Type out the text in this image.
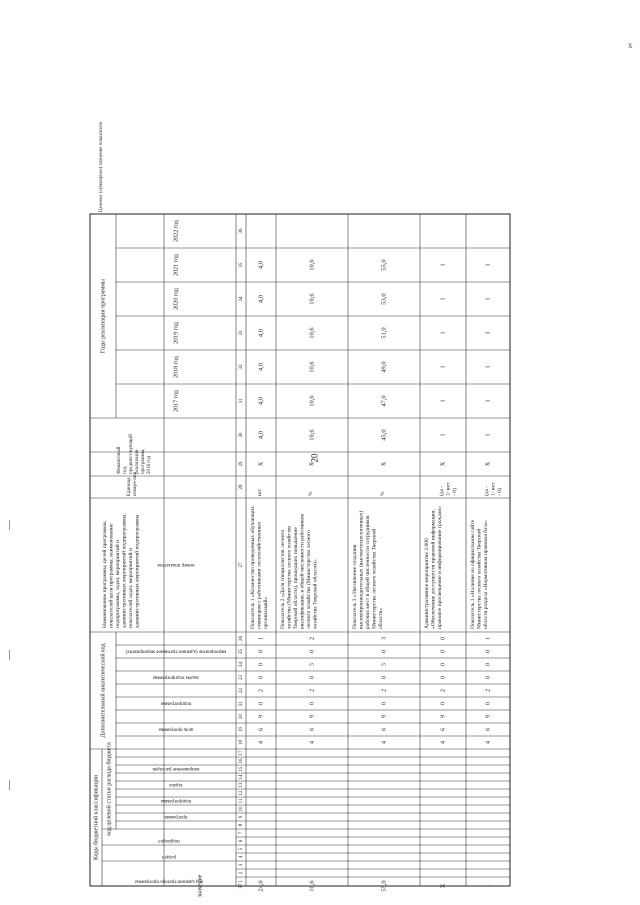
20
х
Коды бюджетной классификации код целевой статьи расхода бюджета
Дополнительный аналитический код
Годы реализации программы
код администратора программы
раздел
подраздел
программа
подпрограмма
задача
направление расходов
цель программы
подпрограмма
задача подпрограммы
мероприятие (административное мероприятие)
номер показателя
Наименование программы, целей программы,показателей цели программы, наименованиеподпрограммы, задач, мероприятий иадминистративных мероприятий подпрограммы,показателей задач, мероприятий иадминистративных мероприятий подпрограммы
Единицаизмере-ния
Финансовыйгод,предшест-вующийреализациипрограммы,2016 год
2017 год
2018 год
2019 год
2020 год
2021 год
2022 год
Целевое (суммарное) значение показателя
значение	1
2
3
4
5
6
7
8
9
10
11
12
13
14
15
16
17
18
19
20
21
22
23
24
25
26
27
28
29
30
31
32
33
34
35
36
37
4
6
9
0
2
0
0
0
1
Показатель 1 «Количество проведенных обучающихсеминаров с работниками лесохозяйственныхорганизаций»
шт.
Х
4,0
4,0
4,0
4,0
4,0
4,0
24,0
4
6
9
0
2
0
5
0
2
Показатель 2 «Доля специалистов лесногохозяйства (Министерства лесного хозяйстваТверской области), прошедших повышениеквалификации, в общей численности работниковлесного хозяйства (Министерства лесногохозяйства Тверской области)»
%
Х
10,6
10,6
10,6
10,6
10,6
10,6
10,6
4
6
9
0
2
0
5
0
3
Показатель 3 «Увеличение созданиявысокопроизводительных (высокотехнологичных)рабочих мест в общей численности сотрудниковМинистерства лесного хозяйства Тверскойобласти»
%
Х
45,0
47,0
49,0
51,0
53,0
55,0
55,0
4
6
9
0
2
0
0
0
0
Административное мероприятие 2.006«Обеспечение доступности правовой информации,правовое просвещение и информирование граждан»
(да -1/ нет- 0)
Х
1
1
1
1
1
1
Х
4
6
9
0
2
0
0
0
1
Показатель 1 «Наличие на официальном сайтеМинистерства лесного хозяйства Тверскойобласти раздела «Нормативная правовая база»
(да -1/ нет- 0)
Х
1
1
1
1
1
1
1
